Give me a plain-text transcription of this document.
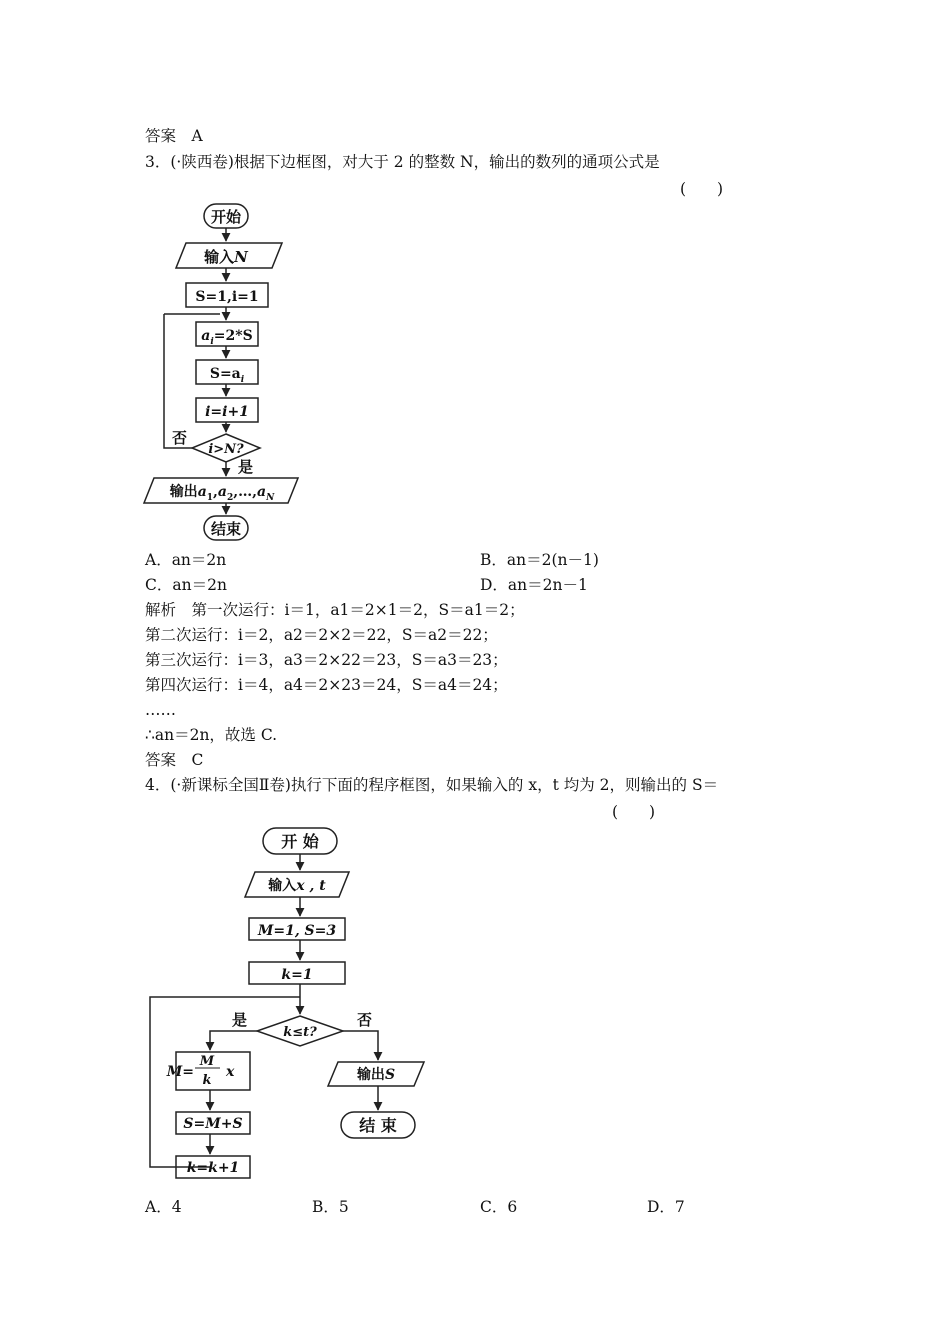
答案　A
3．(·陕西卷)根据下边框图，对大于 2 的整数 N，输出的数列的通项公式是
(　　)
开始
输入N
S=1,i=1
$a_i=2*S$
$S=a_i$
i=i+1
i>N?
否
是
输出$a_1,a_2,\dots,a_N$
结束
A．an＝2n	B．an＝2(n－1)
C．an＝2n	D．an＝2n－1
解析　第一次运行：i＝1，a1＝2×1＝2，S＝a1＝2；
第二次运行：i＝2，a2＝2×2＝22，S＝a2＝22；
第三次运行：i＝3，a3＝2×22＝23，S＝a3＝23；
第四次运行：i＝4，a4＝2×23＝24，S＝a4＝24；
……
∴an＝2n，故选 C.
答案　C
4．(·新课标全国Ⅱ卷)执行下面的程序框图，如果输入的 x，t 均为 2，则输出的 S＝
(　　)
开 始
输入x , t
M=1, S=3
k=1
k≤t?
是	否
M=
M
k
x
S=M+S
k=k+1
输出S
结 束
A．4	B．5	C．6	D．7
